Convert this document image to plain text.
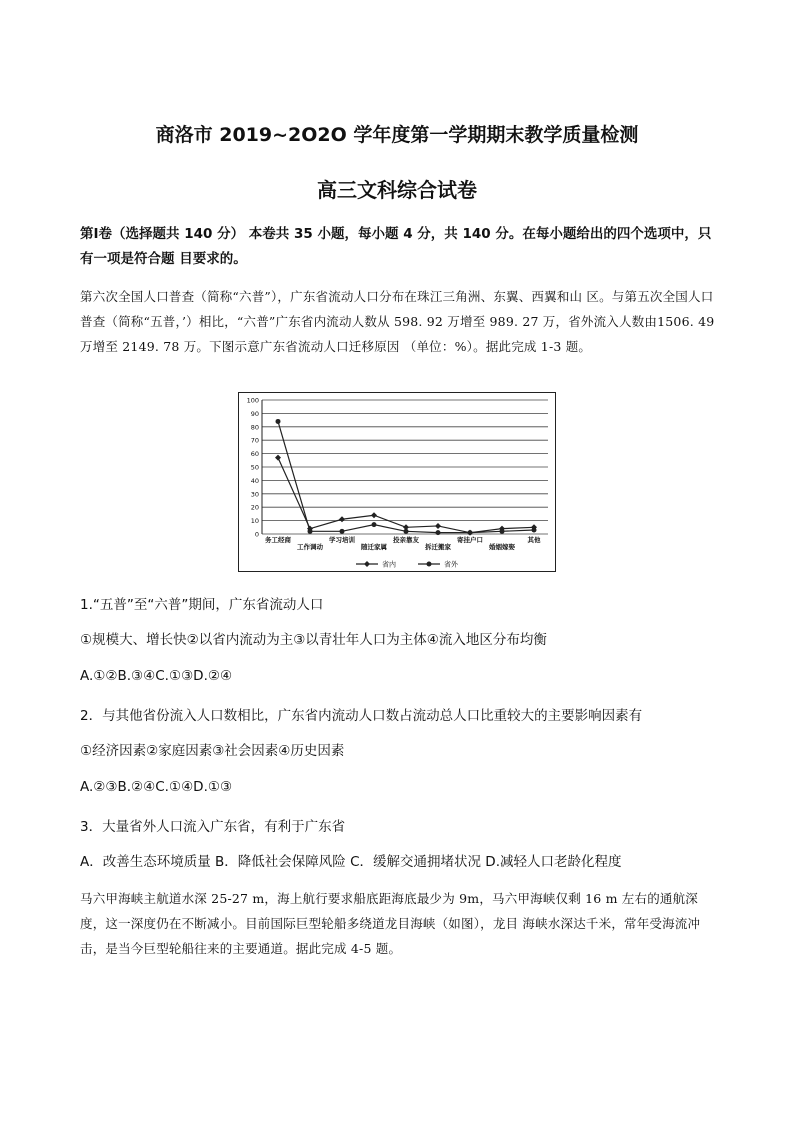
商洛市 2019~2O2O 学年度第一学期期末教学质量检测
高三文科综合试卷
第Ⅰ卷（选择题共 140 分） 本卷共 35 小题，每小题 4 分，共 140 分。在每小题给出的四个选项中，只有一项是符合题 目要求的。
第六次全国人口普查（简称“六普”），广东省流动人口分布在珠江三角洲、东翼、西翼和山 区。与第五次全国人口普查（简称“五普，’）相比，“六普”广东省内流动人数从 598. 92 万增至 989. 27 万，省外流入人数由1506. 49 万增至 2149. 78 万。下图示意广东省流动人口迁移原因 （单位：%）。据此完成 1-3 题。
0
10
20
30
40
50
60
70
80
90
100
务工经商
工作调动
学习培训
随迁家属
投亲靠友
拆迁搬家
寄挂户口
婚姻嫁娶
其他
省内	省外
1.“五普”至“六普”期间，广东省流动人口
①规模大、增长快②以省内流动为主③以青壮年人口为主体④流入地区分布均衡
A.①②B.③④C.①③D.②④
2．与其他省份流入人口数相比，广东省内流动人口数占流动总人口比重较大的主要影响因素有
①经济因素②家庭因素③社会因素④历史因素
A.②③B.②④C.①④D.①③
3．大量省外人口流入广东省，有利于广东省
A．改善生态环境质量 B．降低社会保障风险 C．缓解交通拥堵状况 D.减轻人口老龄化程度
马六甲海峡主航道水深 25-27 m，海上航行要求船底距海底最少为 9m，马六甲海峡仅剩 16 m 左右的通航深度，这一深度仍在不断减小。目前国际巨型轮船多绕道龙目海峡（如图），龙目 海峡水深达千米，常年受海流冲击，是当今巨型轮船往来的主要通道。据此完成 4-5 题。
